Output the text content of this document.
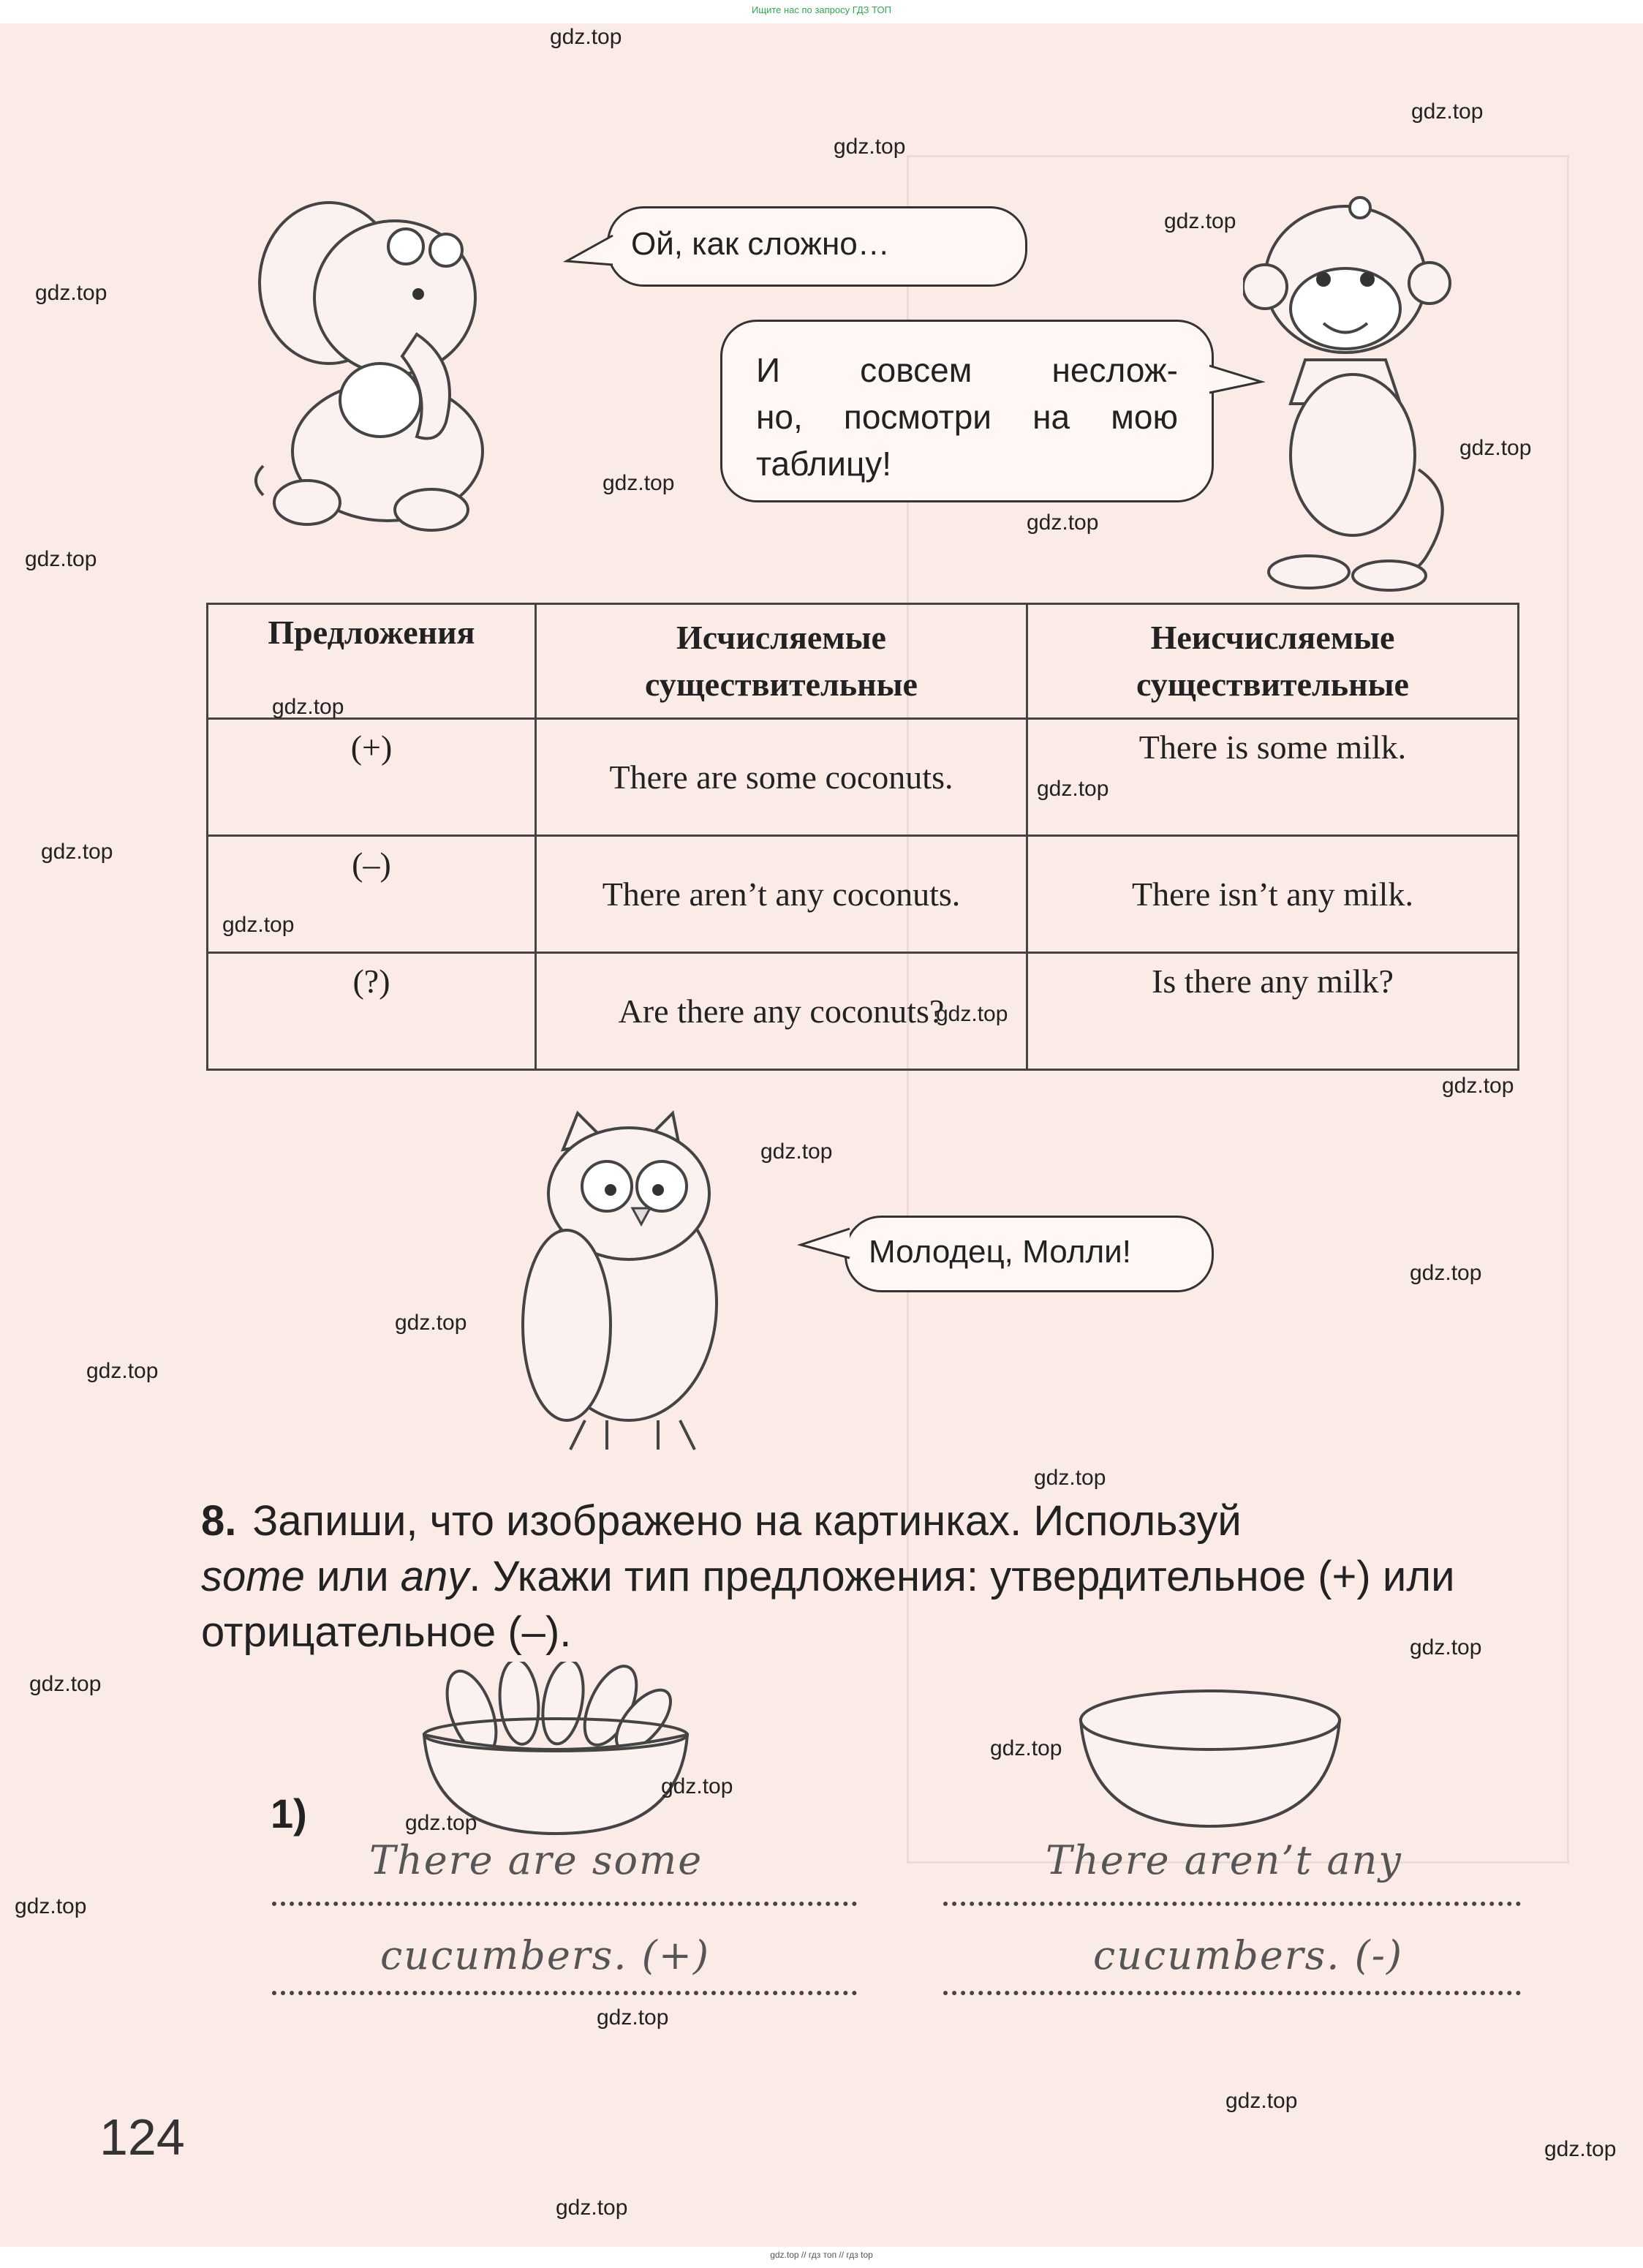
Ищите нас по запросу ГДЗ ТОП
Ой, как сложно…
И совсем неслож-
но, посмотри на мою
таблицу!
Молодец, Молли!
Предложения	Исчисляемые существительные	Неисчисляемые существительные
(+)	There are some coconuts.	There is some milk.
(–)	There aren’t any coconuts.	There isn’t any milk.
(?)	Are there any coconuts?	Is there any milk?
8. Запиши, что изображено на картинках. Используй
some или any. Укажи тип предложения: утвердительное (+) или отрицательное (–).
1)
There are some
cucumbers. (+)
There aren’t any
cucumbers. (-)
124
gdz.top
gdz.top
gdz.top
gdz.top
gdz.top
gdz.top
gdz.top
gdz.top
gdz.top
gdz.top
gdz.top
gdz.top
gdz.top
gdz.top
gdz.top
gdz.top
gdz.top
gdz.top
gdz.top
gdz.top
gdz.top
gdz.top
gdz.top
gdz.top
gdz.top
gdz.top
gdz.top
gdz.top
gdz.top
gdz.top
gdz.top // гдз топ // гдз top
